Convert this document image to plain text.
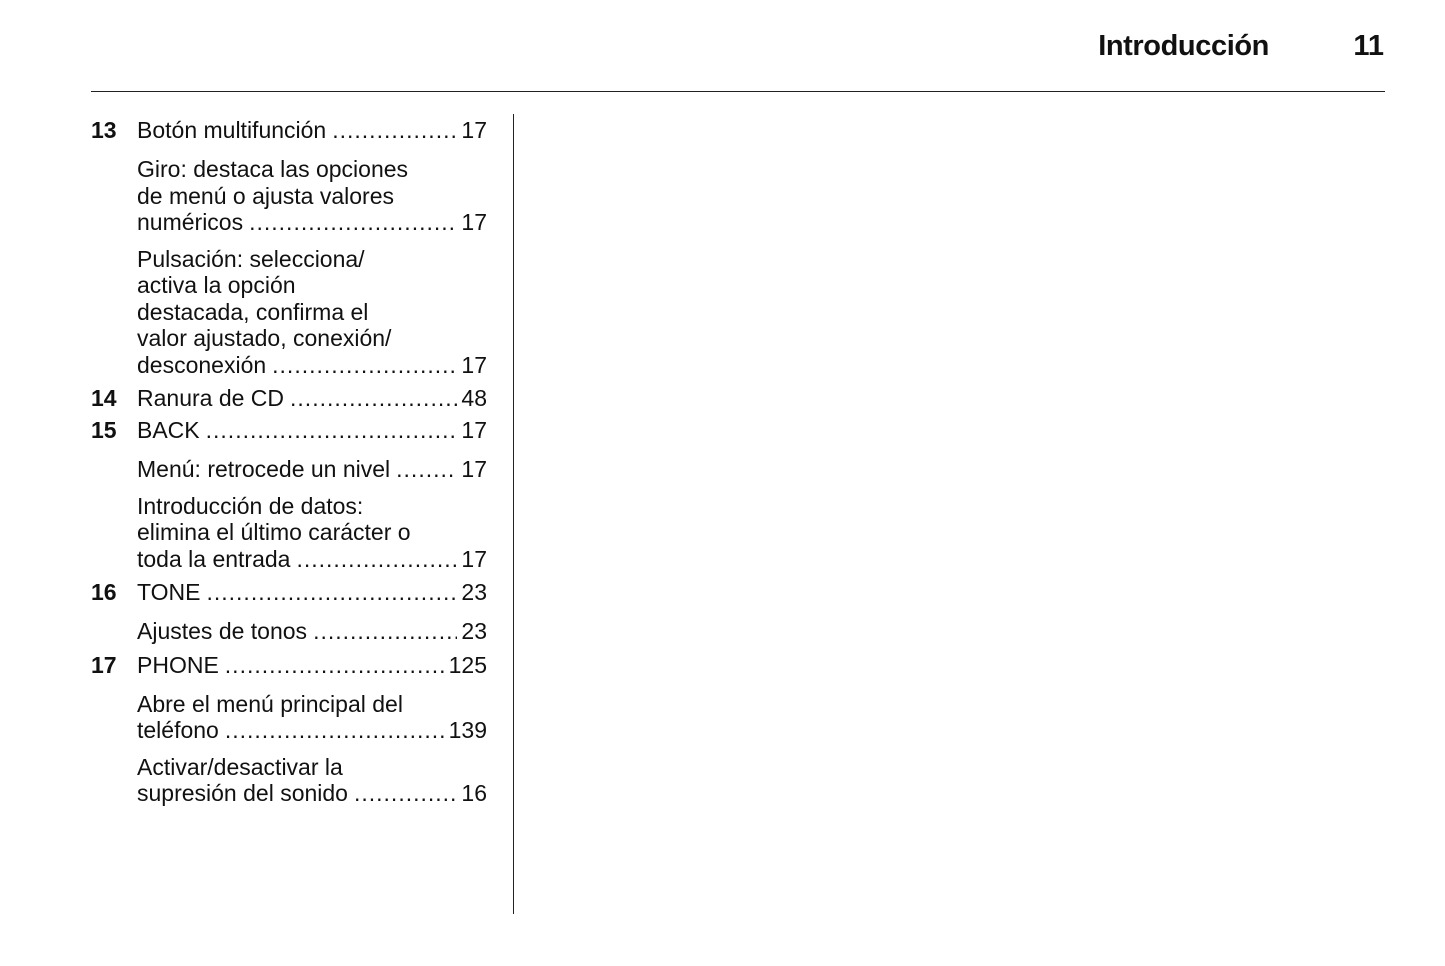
Introducción	11
13 Botón multifunción .....	17
Giro: destaca las opciones
de menú o ajusta valores
numéricos .....	17
Pulsación: selecciona/
activa la opción
destacada, confirma el
valor ajustado, conexión/
desconexión .....	17
14 Ranura de CD .....	48
15 BACK .....	17
Menú: retrocede un nivel .....	17
Introducción de datos:
elimina el último carácter o
toda la entrada .....	17
16 TONE .....	23
Ajustes de tonos .....	23
17 PHONE .....	125
Abre el menú principal del
teléfono .....	139
Activar/desactivar la
supresión del sonido .....	16
